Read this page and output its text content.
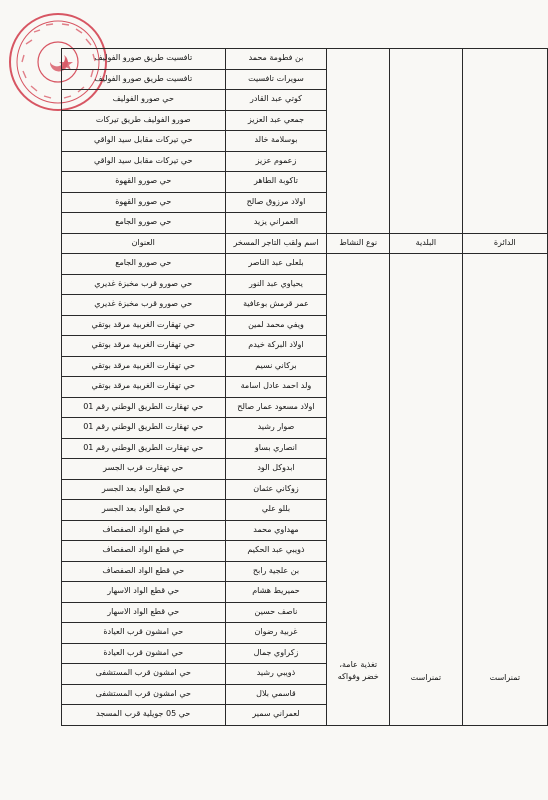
			بن فطومة محمد	تافسيت طريق صورو الفوليف
			سويرات تافسيت	تافسيت طريق صورو الفوليف
			كوتي عبد القادر	حي صورو الفوليف
			جمعي عبد العزيز	صورو الفوليف طريق تيركات
			بوسلامة خالد	حي تيركات مقابل سيد الواقي
			زعموم عزيز	حي تيركات مقابل سيد الواقي
			تاكوبة الطاهر	حي صورو القهوة
			اولاد مرزوق صالح	حي صورو القهوة
			العمراني يزيد	حي صورو الجامع
الدائرة	البلدية	نوع النشاط	اسم ولقب التاجر المسخر	العنوان
تمنراست	تمنراست	تغذية عامة، خضر وفواكه	بلعلى عبد الناصر	حي صورو الجامع
			يحياوي عبد النور	حي صورو قرب مخبزة غديري
			عمر قرمش بوعافية	حي صورو قرب مخبزة غديري
			ويفي محمد لمين	حي تهقارت الغربية مرقد بوتقي
			اولاد البركة خيدم	حي تهقارت الغربية مرقد بوتقي
			بركاني نسيم	حي تهقارت الغربية مرقد بوتقي
			ولد احمد عادل اسامة	حي تهقارت الغربية مرقد بوتقي
			اولاد مسعود عمار صالح	حي تهقارت الطريق الوطني رقم 01
			صوار رشيد	حي تهقارت الطريق الوطني رقم 01
			انصاري بساو	حي تهقارت الطريق الوطني رقم 01
			ابدوكل الود	حي تهقارت قرب الجسر
			زوكاني عثمان	حي قطع الواد بعد الجسر
			بللو علي	حي قطع الواد بعد الجسر
			مهداوي محمد	حي قطع الواد الصفصاف
			ذويبي عبد الحكيم	حي قطع الواد الصفصاف
			بن علجية رابح	حي قطع الواد الصفصاف
			حميريط هشام	حي قطع الواد الاسهار
			ناصف حسين	حي قطع الواد الاسهار
			غربية رضوان	حي امشون قرب العيادة
			زكراوي جمال	حي امشون قرب العيادة
			ذويبي رشيد	حي امشون قرب المستشفى
			قاسمي بلال	حي امشون قرب المستشفى
			لعمراني سمير	حي 05 جويلية قرب المسجد
